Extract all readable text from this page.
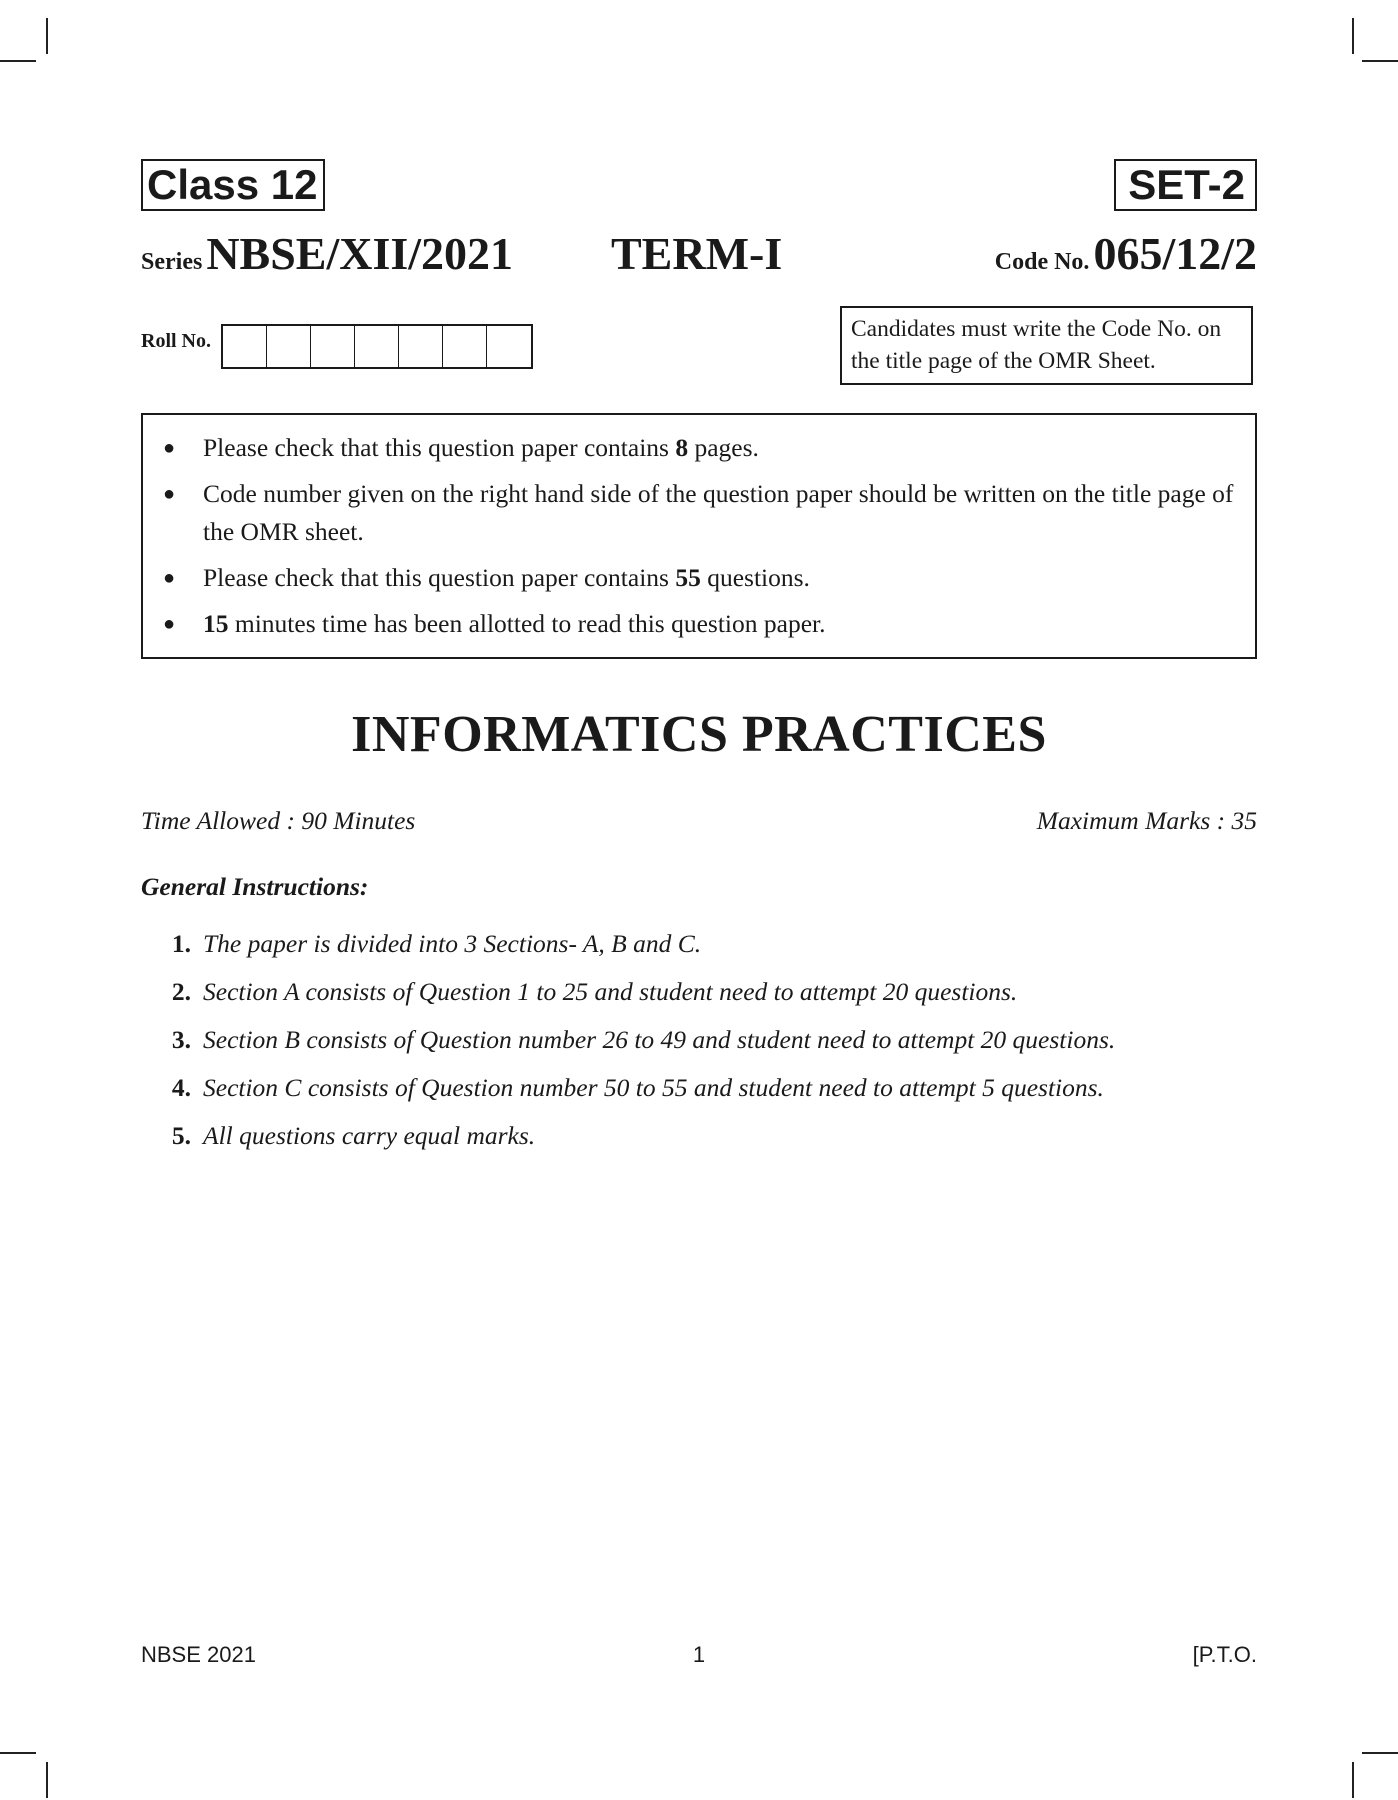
Class 12	SET-2
Series NBSE/XII/2021 TERM-I	Code No. 065/12/2
Roll No.	Candidates must write the Code No. on the title page of the OMR Sheet.
●	Please check that this question paper contains 8 pages.
●	Code number given on the right hand side of the question paper should be written on the title page of the OMR sheet.
●	Please check that this question paper contains 55 questions.
●	15 minutes time has been allotted to read this question paper.
INFORMATICS PRACTICES
Time Allowed : 90 Minutes	Maximum Marks : 35
General Instructions:
1. The paper is divided into 3 Sections- A, B and C.
2. Section A consists of Question 1 to 25 and student need to attempt 20 questions.
3. Section B consists of Question number 26 to 49 and student need to attempt 20 questions.
4. Section C consists of Question number 50 to 55 and student need to attempt 5 questions.
5. All questions carry equal marks.
NBSE 2021	1	[P.T.O.
